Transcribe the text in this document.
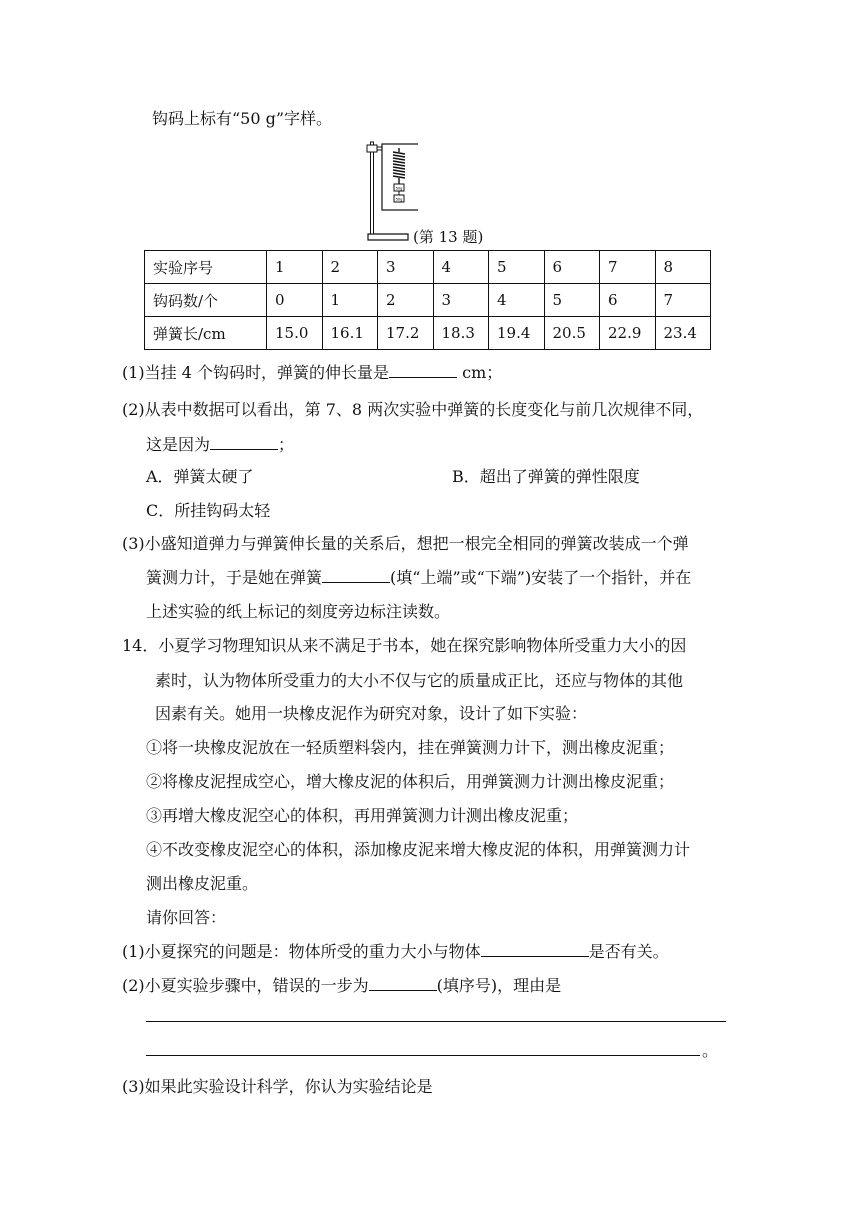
钩码上标有“50 g”字样。
50g
50g
(第 13 题)
实验序号	1	2	3	4	5	6	7	8
钩码数/个	0	1	2	3	4	5	6	7
弹簧长/cm	15.0	16.1	17.2	18.3	19.4	20.5	22.9	23.4
(1)当挂 4 个钩码时，弹簧的伸长量是	cm；
(2)从表中数据可以看出，第 7、8 两次实验中弹簧的长度变化与前几次规律不同，
这是因为	；
A．弹簧太硬了	B．超出了弹簧的弹性限度
C．所挂钩码太轻
(3)小盛知道弹力与弹簧伸长量的关系后，想把一根完全相同的弹簧改装成一个弹
簧测力计，于是她在弹簧	(填“上端”或“下端”)安装了一个指针，并在
上述实验的纸上标记的刻度旁边标注读数。
14．小夏学习物理知识从来不满足于书本，她在探究影响物体所受重力大小的因
素时，认为物体所受重力的大小不仅与它的质量成正比，还应与物体的其他
因素有关。她用一块橡皮泥作为研究对象，设计了如下实验：
①将一块橡皮泥放在一轻质塑料袋内，挂在弹簧测力计下，测出橡皮泥重；
②将橡皮泥捏成空心，增大橡皮泥的体积后，用弹簧测力计测出橡皮泥重；
③再增大橡皮泥空心的体积，再用弹簧测力计测出橡皮泥重；
④不改变橡皮泥空心的体积，添加橡皮泥来增大橡皮泥的体积，用弹簧测力计
测出橡皮泥重。
请你回答：
(1)小夏探究的问题是：物体所受的重力大小与物体	是否有关。
(2)小夏实验步骤中，错误的一步为	(填序号)，理由是
。
(3)如果此实验设计科学，你认为实验结论是
